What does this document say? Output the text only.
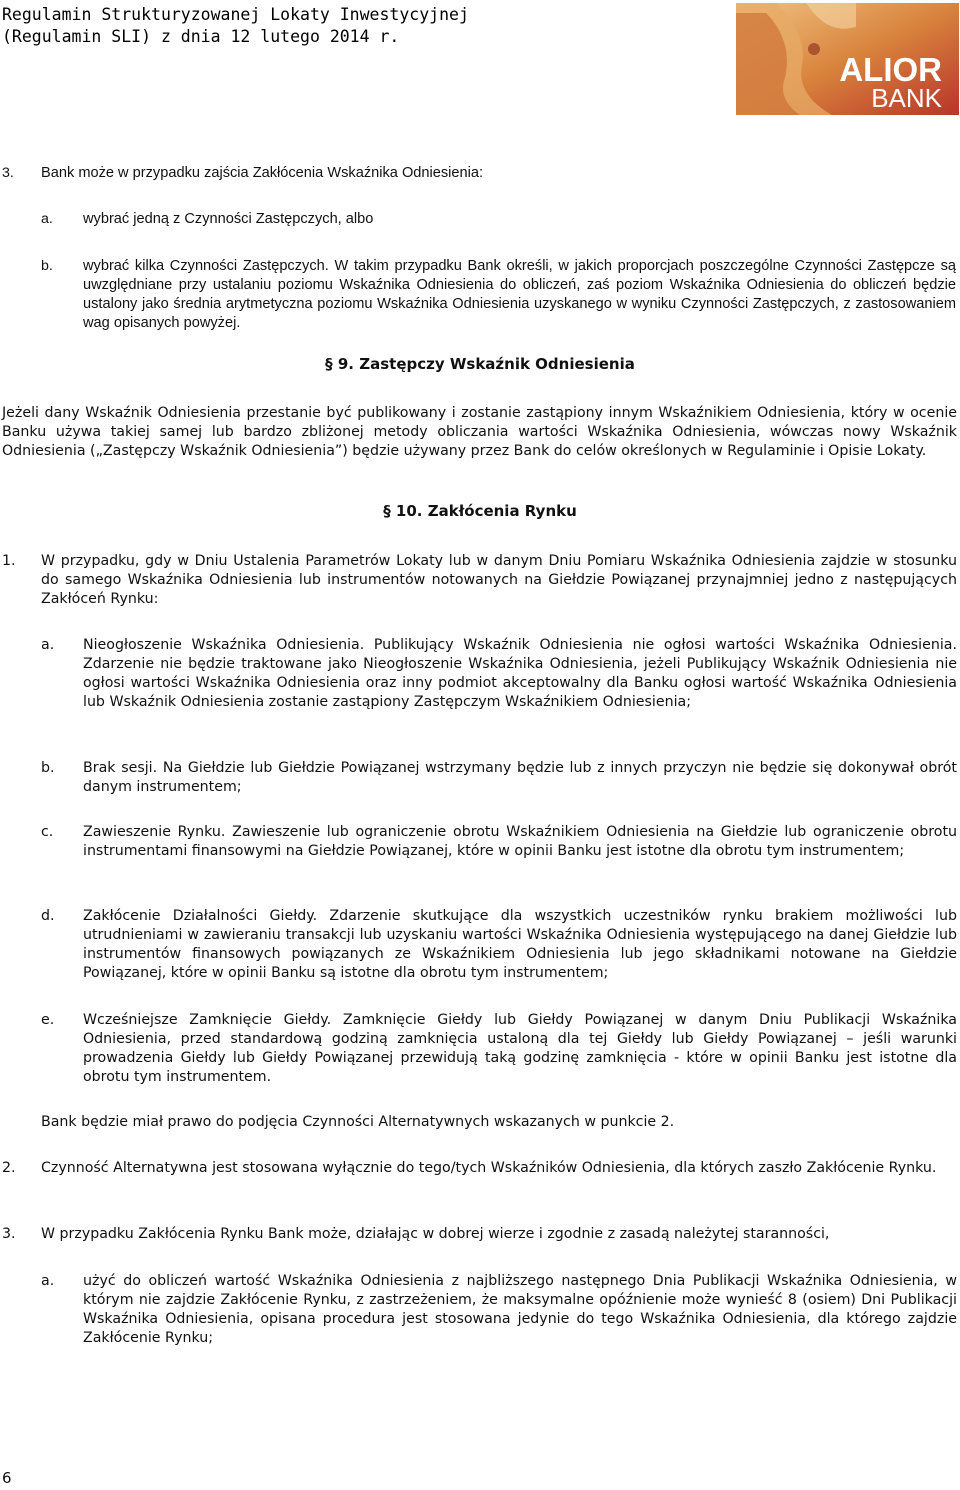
Regulamin Strukturyzowanej Lokaty Inwestycyjnej
(Regulamin SLI) z dnia 12 lutego 2014 r.
ALIOR
BANK
3. Bank może w przypadku zajścia Zakłócenia Wskaźnika Odniesienia:

a. wybrać jedną z Czynności Zastępczych, albo

b. wybrać kilka Czynności Zastępczych. W takim przypadku Bank określi, w jakich proporcjach poszczególne Czynności Zastępcze są uwzględniane przy ustalaniu poziomu Wskaźnika Odniesienia do obliczeń, zaś poziom Wskaźnika Odniesienia do obliczeń będzie ustalony jako średnia arytmetyczna poziomu Wskaźnika Odniesienia uzyskanego w wyniku Czynności Zastępczych, z zastosowaniem wag opisanych powyżej.

§ 9. Zastępczy Wskaźnik Odniesienia

Jeżeli dany Wskaźnik Odniesienia przestanie być publikowany i zostanie zastąpiony innym Wskaźnikiem Odniesienia, który w ocenie Banku używa takiej samej lub bardzo zbliżonej metody obliczania wartości Wskaźnika Odniesienia, wówczas nowy Wskaźnik Odniesienia („Zastępczy Wskaźnik Odniesienia”) będzie używany przez Bank do celów określonych w Regulaminie i Opisie Lokaty.

§ 10. Zakłócenia Rynku

1. W przypadku, gdy w Dniu Ustalenia Parametrów Lokaty lub w danym Dniu Pomiaru Wskaźnika Odniesienia zajdzie w stosunku do samego Wskaźnika Odniesienia lub instrumentów notowanych na Giełdzie Powiązanej przynajmniej jedno z następujących Zakłóceń Rynku:

a. Nieogłoszenie Wskaźnika Odniesienia. Publikujący Wskaźnik Odniesienia nie ogłosi wartości Wskaźnika Odniesienia. Zdarzenie nie będzie traktowane jako Nieogłoszenie Wskaźnika Odniesienia, jeżeli Publikujący Wskaźnik Odniesienia nie ogłosi wartości Wskaźnika Odniesienia oraz inny podmiot akceptowalny dla Banku ogłosi wartość Wskaźnika Odniesienia lub Wskaźnik Odniesienia zostanie zastąpiony Zastępczym Wskaźnikiem Odniesienia;

b. Brak sesji. Na Giełdzie lub Giełdzie Powiązanej wstrzymany będzie lub z innych przyczyn nie będzie się dokonywał obrót danym instrumentem;

c. Zawieszenie Rynku. Zawieszenie lub ograniczenie obrotu Wskaźnikiem Odniesienia na Giełdzie lub ograniczenie obrotu instrumentami finansowymi na Giełdzie Powiązanej, które w opinii Banku jest istotne dla obrotu tym instrumentem;

d. Zakłócenie Działalności Giełdy. Zdarzenie skutkujące dla wszystkich uczestników rynku brakiem możliwości lub utrudnieniami w zawieraniu transakcji lub uzyskaniu wartości Wskaźnika Odniesienia występującego na danej Giełdzie lub instrumentów finansowych powiązanych ze Wskaźnikiem Odniesienia lub jego składnikami notowane na Giełdzie Powiązanej, które w opinii Banku są istotne dla obrotu tym instrumentem;

e. Wcześniejsze Zamknięcie Giełdy. Zamknięcie Giełdy lub Giełdy Powiązanej w danym Dniu Publikacji Wskaźnika Odniesienia, przed standardową godziną zamknięcia ustaloną dla tej Giełdy lub Giełdy Powiązanej – jeśli warunki prowadzenia Giełdy lub Giełdy Powiązanej przewidują taką godzinę zamknięcia - które w opinii Banku jest istotne dla obrotu tym instrumentem.

Bank będzie miał prawo do podjęcia Czynności Alternatywnych wskazanych w punkcie 2.

2. Czynność Alternatywna jest stosowana wyłącznie do tego/tych Wskaźników Odniesienia, dla których zaszło Zakłócenie Rynku.

3. W przypadku Zakłócenia Rynku Bank może, działając w dobrej wierze i zgodnie z zasadą należytej staranności,

a. użyć do obliczeń wartość Wskaźnika Odniesienia z najbliższego następnego Dnia Publikacji Wskaźnika Odniesienia, w którym nie zajdzie Zakłócenie Rynku, z zastrzeżeniem, że maksymalne opóźnienie może wynieść 8 (osiem) Dni Publikacji Wskaźnika Odniesienia, opisana procedura jest stosowana jedynie do tego Wskaźnika Odniesienia, dla którego zajdzie Zakłócenie Rynku;

6
